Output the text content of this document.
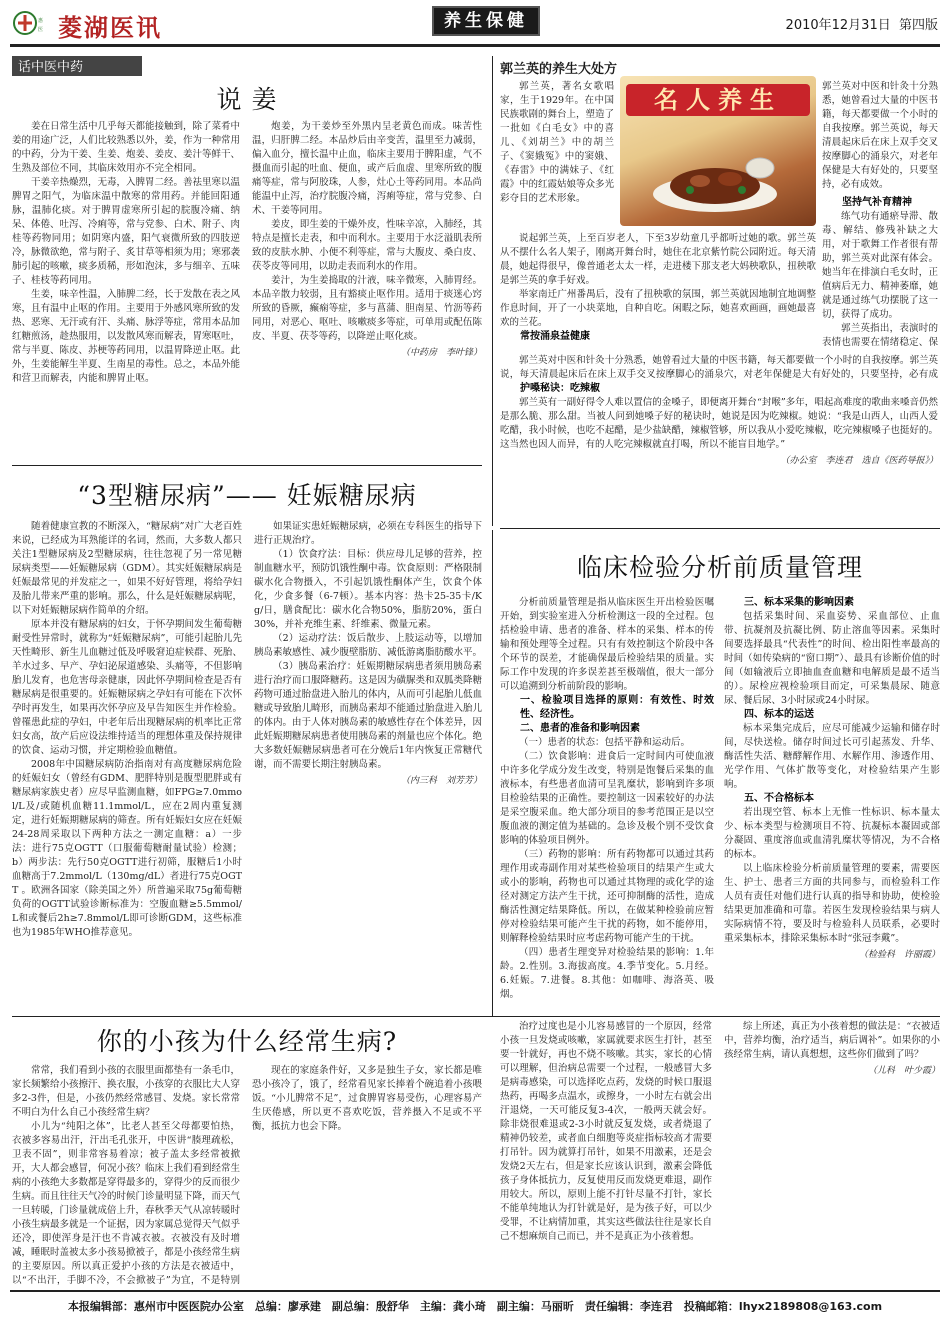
惠
医 菱湖医讯	养生保健	2010年12月31日 第四版
话中医中药
说 姜

姜在日常生活中几乎每天都能接触到，除了菜肴中姜的用途广泛，人们比较熟悉以外，姜，作为一种常用的中药，分为干姜、生姜、炮姜、姜皮、姜汁等鲜干、生熟及部位不同，其临床效用亦不完全相同。

干姜辛热燥烈，无毒，入脾胃二经。善祛里寒以温脾胃之阳气，为临床温中散寒的常用药。并能回阳通脉，温肺化痰。对于脾胃虚寒所引起的脘腹冷痛、纳呆、体倦、吐泻、冷痢等，常与党参、白术、附子、肉桂等药物同用；如阴寒内盛，阳气衰微所致的四肢逆冷，脉微欲绝，常与附子、炙甘草等相须为用；寒邪袭肺引起的咳嗽，痰多质稀，形如泡沫，多与细辛、五味子、桂枝等药同用。

生姜，味辛性温，入肺脾二经，长于发散在表之风寒，且有温中止呕的作用。主要用于外感风寒所致的发热、恶寒、无汗或有汗、头痛、脉浮等症，常用本品加红糖煎汤，趁热服用，以发散风寒而解表，胃寒呕吐，常与半夏、陈皮、苏梗等药同用，以温胃降逆止呕。此外，生姜能解生半夏、生南星的毒性。总之，本品外能和营卫而解表，内能和脾胃止呕。

炮姜，为干姜炒至外黑内呈老黄色而成。味苦性温，归肝脾二经。本品炒后由辛变苦，温里至力减弱，偏入血分，擅长温中止血，临床主要用于脾阳虚，气不摄血而引起的吐血、便血，或产后血虚、里寒所致的腹痛等症，常与阿胶珠，人参，灶心土等药同用。本品尚能温中止泻，治疗脘腹冷痛，泻痢等症，常与党参、白术、干姜等同用。

姜皮，即生姜的干燥外皮，性味辛凉，入肺经，其特点是擅长走表，和中而利水。主要用于水泛溢肌表所致的皮肤水肿、小便不利等症，常与大腹皮、桑白皮、茯苓皮等同用，以助走表而利水的作用。

姜汁，为生姜捣取的汁液，味辛微寒，入肺胃经。本品辛散力较弱，且有豁痰止呕作用。适用于痰迷心窍所致的昏厥，癫痫等症，多与菖蒲、胆南星、竹沥等药同用，对恶心、呕吐、咳嗽痰多等症，可单用或配伍陈皮、半夏、茯苓等药，以降逆止呕化痰。

（中药房　李叶锋）

郭兰英的养生大处方
名人养生

郭兰英，著名女歌唱家，生于1929年。在中国民族歌剧的舞台上，塑造了一批如《白毛女》中的喜儿、《刘胡兰》中的胡兰子、《窦娥冤》中的窦娥、《春雷》中的满妹子、《红霞》中的红霞姑娘等众多光彩夺目的艺术形象。

郭兰英对中医和针灸十分熟悉，她曾看过大量的中医书籍，每天都要做一个小时的自我按摩。郭兰英说，每天清晨起床后在床上双手交叉按摩脚心的涌泉穴，对老年保健是大有好处的，只要坚持，必有成效。

坚持气补育精神

练气功有通瘀导滞、散毒、解结、修残补缺之大用，对于歌舞工作者很有帮助，郭兰英对此深有体会。她当年在排演白毛女时，正值病后无力、精神萎靡，她就是通过练气功摆脱了这一切，获得了成功。

郭兰英指出，表演时的表情也需要在情绪稳定、保

说起郭兰英，上至百岁老人，下至3岁幼童几乎都听过她的歌。郭兰英从不摆什么名人架子，刚离开舞台时，她住在北京紫竹院公园附近。每天清晨，她起得很早，像普通老太太一样，走进楼下那支老大妈秧歌队，扭秧歌是郭兰英的拿手好戏。

举家南迁广州番禺后，没有了扭秧歌的氛围，郭兰英就因地制宜地调整作息时间，开了一小块菜地，自种自吃。闲暇之际，她喜欢画画，画她最喜欢的兰花。

常按涌泉益健康

郭兰英对中医和针灸十分熟悉，她曾看过大量的中医书籍，每天都要做一个小时的自我按摩。郭兰英说，每天清晨起床后在床上双手交叉按摩脚心的涌泉穴，对老年保健是大有好处的，只要坚持，必有成

护嗓秘诀：吃辣椒

郭兰英有一副好得令人难以置信的金嗓子，即便离开舞台“封喉”多年，唱起高难度的歌曲来嗓音仍然是那么脆、那么甜。当被人问到她嗓子好的秘诀时，她说是因为吃辣椒。她说：“我是山西人，山西人爱吃醋，我小时候，也吃不起醋，是少盐缺醋，辣椒管够，所以我从小爱吃辣椒，吃完辣椒嗓子也挺好的。这当然也因人而异，有的人吃完辣椒就直打喝，所以不能盲目地学。”

（办公室　李连君　选自《医药导报》）

“3型糖尿病”—— 妊娠糖尿病

随着健康宣教的不断深入，“糖尿病”对广大老百姓来说，已经成为耳熟能详的名词，然而，大多数人都只关注1型糖尿病及2型糖尿病，往往忽视了另一常见糖尿病类型——妊娠糖尿病（GDM）。其实妊娠糖尿病是妊娠最常见的并发症之一，如果不好好管理，将给孕妇及胎儿带来严重的影响。那么，什么是妊娠糖尿病呢，以下对妊娠糖尿病作简单的介绍。

原本并没有糖尿病的妇女，于怀孕期间发生葡萄糖耐受性异常时，就称为“妊娠糖尿病”，可能引起胎儿先天性畸形、新生儿血糖过低及呼吸窘迫症候群、死胎、羊水过多、早产、孕妇泌尿道感染、头痛等，不但影响胎儿发育，也危害母亲健康，因此怀孕期间检查是否有糖尿病是很重要的。妊娠糖尿病之孕妇有可能在下次怀孕时再发生，如果再次怀孕应及早告知医生并作检验。曾罹患此症的孕妇，中老年后出现糖尿病的机率比正常妇女高，故产后应设法维持适当的理想体重及保持规律的饮食、运动习惯，并定期检验血糖值。

2008年中国糖尿病防治指南对有高度糖尿病危险的妊娠妇女（曾经有GDM、肥胖特别是腹型肥胖或有糖尿病家族史者）应尽早监测血糖，如FPG≥7.0mmol/L及/或随机血糖11.1mmol/L，应在2周内重复测定，进行妊娠期糖尿病的筛查。所有妊娠妇女应在妊娠24-28周采取以下两种方法之一测定血糖：a）一步法：进行75克OGTT（口服葡萄糖耐量试验）检测；b）两步法：先行50克OGTT进行初筛，服糖后1小时血糖高于7.2mmol/L（130mg/dL）者进行75克OGTT 。欧洲各国家（除美国之外）所普遍采取75g葡萄糖负荷的OGTT试验诊断标准为：空腹血糖≥5.5mmol/L和或餐后2h≥7.8mmol/L即可诊断GDM，这些标准也为1985年WHO推荐意见。

如果证实患妊娠糖尿病，必须在专科医生的指导下进行正规治疗。

（1）饮食疗法：目标：供应母儿足够的营养，控制血糖水平，预防饥饿性酮中毒。饮食原则：严格限制碳水化合物摄入，不引起饥饿性酮体产生，饮食个体化，少食多餐（6-7顿）。基本内容：热卡25-35卡/Kg/日，膳食配比：碳水化合物50%，脂肪20%，蛋白30%，并补充维生素、纤维素、微量元素。

（2）运动疗法：饭后散步、上肢运动等，以增加胰岛素敏感性、减少腹壁脂肪、减低游离脂肪酸水平。

（3）胰岛素治疗：妊娠期糖尿病患者须用胰岛素进行治疗而口服降糖药。这是因为磺脲类和双胍类降糖药物可通过胎盘进入胎儿的体内，从而可引起胎儿低血糖或导致胎儿畸形，而胰岛素却不能通过胎盘进入胎儿的体内。由于人体对胰岛素的敏感性存在个体差异，因此妊娠期糖尿病患者使用胰岛素的剂量也应个体化。绝大多数妊娠糖尿病患者可在分娩后1年内恢复正常糖代谢，而不需要长期注射胰岛素。

（内三科　刘芳芳）

临床检验分析前质量管理

分析前质量管理是指从临床医生开出检验医嘱开始，到实验室进入分析检测这一段的全过程。包括检验申请、患者的准备、样本的采集、样本的传输和预处理等全过程。只有有效控制这个阶段中各个环节的误差，才能确保最后检验结果的质量。实际工作中发现的许多误差甚至极端值，很大一部分可以追溯到分析前阶段的影响。

一、检验项目选择的原则：有效性、时效性、经济性。

二、患者的准备和影响因素

（一）患者的状态：包括平静和运动后。

（二）饮食影响：进食后一定时间内可使血液中许多化学成分发生改变，特别是饱餐后采集的血液标本，有些患者血清可呈乳糜状，影响到许多项目检验结果的正确性。要控制这一因素较好的办法是采空腹采血。绝大部分项目的参考范围正是以空腹血液的测定值为基础的。急诊及极个别不受饮食影响的体验项目例外。

（三）药物的影响：所有药物都可以通过其药理作用或毒副作用对某些检验项目的结果产生或大或小的影响，药物也可以通过其物理的或化学的途径对测定方法产生干扰，还可抑制酶的活性，造成酶活性测定结果降低。所以，在做某种检验前应暂停对检验结果可能产生干扰的药物，如不能停用，则解释检验结果时应考虑药物可能产生的干扰。

（四）患者生理变异对检验结果的影响：1.年龄。2.性别。3.海拔高度。4.季节变化。5.月经。6.妊娠。7.进餐。8.其他：如咖啡、海洛英、吸烟。

三、标本采集的影响因素

包括采集时间、采血姿势、采血部位、止血带、抗凝剂及抗凝比例、防止溶血等因素。采集时间要选择最具“代表性”的时间、检出阳性率最高的时间（如传染病的“窗口期”）、最具有诊断价值的时间（如输液后立即抽血查血糖和电解质是最不适当的）。尿检应视检验项目而定，可采集晨尿、随意尿、餐后尿、3小时尿或24小时尿。

四、标本的运送

标本采集完成后，应尽可能减少运输和储存时间，尽快送检。储存时间过长可引起蒸发、升华、酶活性失活、糖酵解作用、水解作用、渗透作用、光学作用、气体扩散等变化，对检验结果产生影响。

五、不合格标本

若出现空管、标本上无惟一性标识、标本量太少、标本类型与检测项目不符、抗凝标本凝固或部分凝固、重度溶血或血清乳糜状等情况，为不合格的标本。

以上临床检验分析前质量管理的要素，需要医生、护士、患者三方面的共同参与，而检验科工作人员有责任对他们进行认真的指导和协助，使检验结果更加准确和可靠。若医生发现检验结果与病人实际病情不符，要及时与检验科人员联系，必要时重采集标本，排除采集标本时“张冠李戴”。

（检验科　许丽霞）

你的小孩为什么经常生病?

常常，我们看到小孩的衣服里面都垫有一条毛巾，家长频繁给小孩擦汗、换衣服，小孩穿的衣服比大人穿多2-3件，但是，小孩仍然经常感冒、发烧。家长常常不明白为什么自己小孩经常生病？

小儿为“纯阳之体”，比老人甚至父母都要怕热，衣被多容易出汗，汗出毛孔张开，中医讲“腠理疏松，卫表不固”，则非常容易着凉；被子盖太多经常被掀开，大人都会感冒，何况小孩？临床上我们看到经常生病的小孩绝大多数都是穿得最多的，穿得少的反而很少生病。而且往往天气冷的时候门诊量明显下降，而天气一旦转暖，门诊量就成倍上升，春秋季天气从凉转暖时小孩生病最多就是一个证据，因为家属总觉得天气似乎还冷，即使浑身是汗也不肯减衣被。衣被没有及时增减，睡眠时盖被太多小孩易掀被子，都是小孩经常生病的主要原因。所以真正爱护小孩的方法是衣被适中，以“不出汗，手脚不冷，不会掀被子”为宜，不是特别

现在的家庭条件好，又多是独生子女，家长都是唯恐小孩冷了，饿了，经常看见家长捧着个碗追着小孩喂饭。“小儿脾常不足”，过食脾胃容易受伤，心理容易产生厌倦感，所以更不喜欢吃饭，营养摄入不足或不平衡，抵抗力也会下降。

治疗过度也是小儿容易感冒的一个原因，经常小孩一旦发烧或咳嗽，家属就要求医生打针，甚至要一针就好，再也不烧不咳嗽。其实，家长的心情可以理解，但治病总需要一个过程，一般感冒大多是病毒感染，可以选择吃点药，发烧的时候口服退热药，再喝多点温水，或擦身，一小时左右就会出汗退烧，一天可能反复3-4次，一般两天就会好。除非烧很难退或2-3小时就反复发烧，或者烧退了精神仍较差，或者血白细胞等炎症指标较高才需要打吊针。因为就算打吊针，如果不用激素，还是会发烧2天左右，但是家长应该认识到，激素会降低孩子身体抵抗力，反复使用反而发烧更难退，副作用较大。所以，原则上能不打针尽量不打针，家长不能单纯地认为打针就是好，是为孩子好，可以少受罪，不让病情加重，其实这些做法往往是家长自己不想麻烦自己而已，并不是真正为小孩着想。

综上所述，真正为小孩着想的做法是：“衣被适中，营养均衡，治疗适当，病后调补”。如果你的小孩经常生病，请认真想想，这些你们做到了吗？

（儿科　叶少霞）

本报编辑部：惠州市中医医院办公室　总编：廖承建　副总编：殷舒华　主编：龚小琦　副主编：马丽昕　责任编辑：李连君　投稿邮箱：lhyx2189808@163.com
